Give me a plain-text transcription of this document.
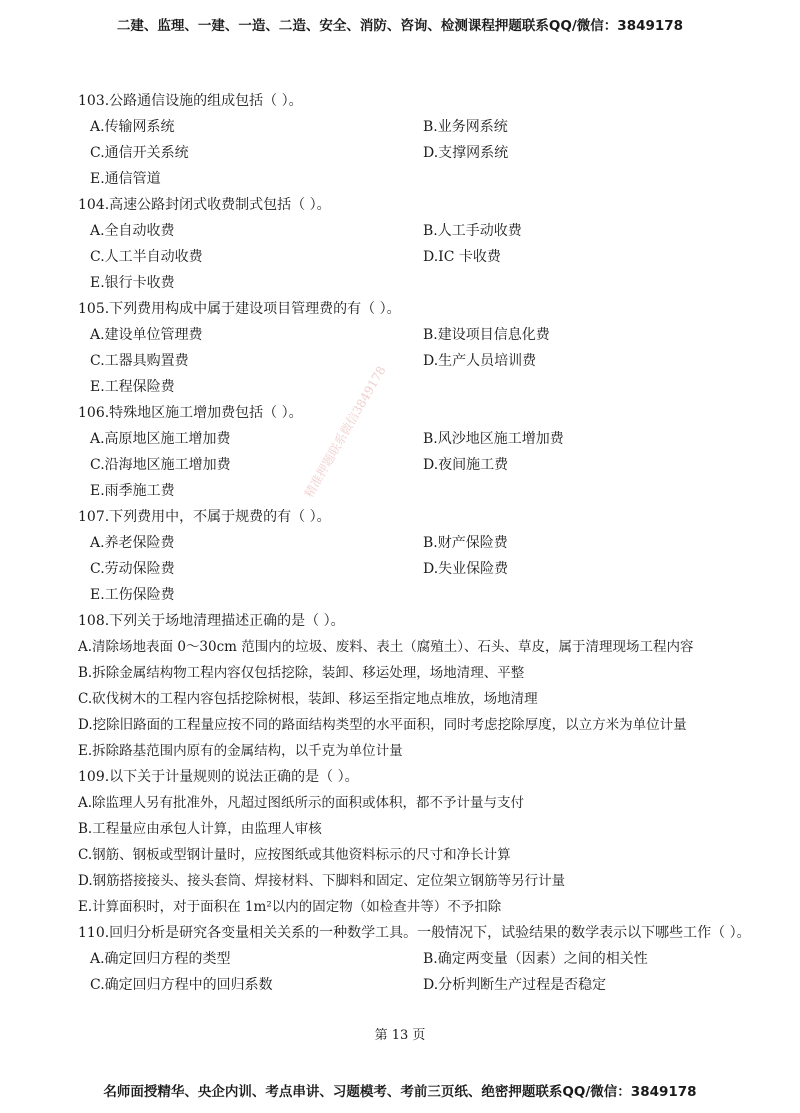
二建、监理、一建、一造、二造、安全、消防、咨询、检测课程押题联系QQ/微信：3849178
103.公路通信设施的组成包括（ ）。
A.传输网系统	B.业务网系统
C.通信开关系统	D.支撑网系统
E.通信管道
104.高速公路封闭式收费制式包括（ ）。
A.全自动收费	B.人工手动收费
C.人工半自动收费	D.IC 卡收费
E.银行卡收费
105.下列费用构成中属于建设项目管理费的有（ ）。
A.建设单位管理费	B.建设项目信息化费
C.工器具购置费	D.生产人员培训费
E.工程保险费
106.特殊地区施工增加费包括（ ）。
A.高原地区施工增加费	B.风沙地区施工增加费
C.沿海地区施工增加费	D.夜间施工费
E.雨季施工费
107.下列费用中，不属于规费的有（ ）。
A.养老保险费	B.财产保险费
C.劳动保险费	D.失业保险费
E.工伤保险费
108.下列关于场地清理描述正确的是（ ）。
A.清除场地表面 0～30cm 范围内的垃圾、废料、表土（腐殖土）、石头、草皮，属于清理现场工程内容
B.拆除金属结构物工程内容仅包括挖除，装卸、移运处理，场地清理、平整
C.砍伐树木的工程内容包括挖除树根，装卸、移运至指定地点堆放，场地清理
D.挖除旧路面的工程量应按不同的路面结构类型的水平面积，同时考虑挖除厚度，以立方米为单位计量
E.拆除路基范围内原有的金属结构，以千克为单位计量
109.以下关于计量规则的说法正确的是（ ）。
A.除监理人另有批准外，凡超过图纸所示的面积或体积，都不予计量与支付
B.工程量应由承包人计算，由监理人审核
C.钢筋、钢板或型钢计量时，应按图纸或其他资料标示的尺寸和净长计算
D.钢筋搭接接头、接头套筒、焊接材料、下脚料和固定、定位架立钢筋等另行计量
E.计算面积时，对于面积在 1m²以内的固定物（如检查井等）不予扣除
110.回归分析是研究各变量相关关系的一种数学工具。一般情况下，试验结果的数学表示以下哪些工作（ ）。
A.确定回归方程的类型	B.确定两变量（因素）之间的相关性
C.确定回归方程中的回归系数	D.分析判断生产过程是否稳定
精准押题联系微信3849178
第 13 页
名师面授精华、央企内训、考点串讲、习题模考、考前三页纸、绝密押题联系QQ/微信：3849178
